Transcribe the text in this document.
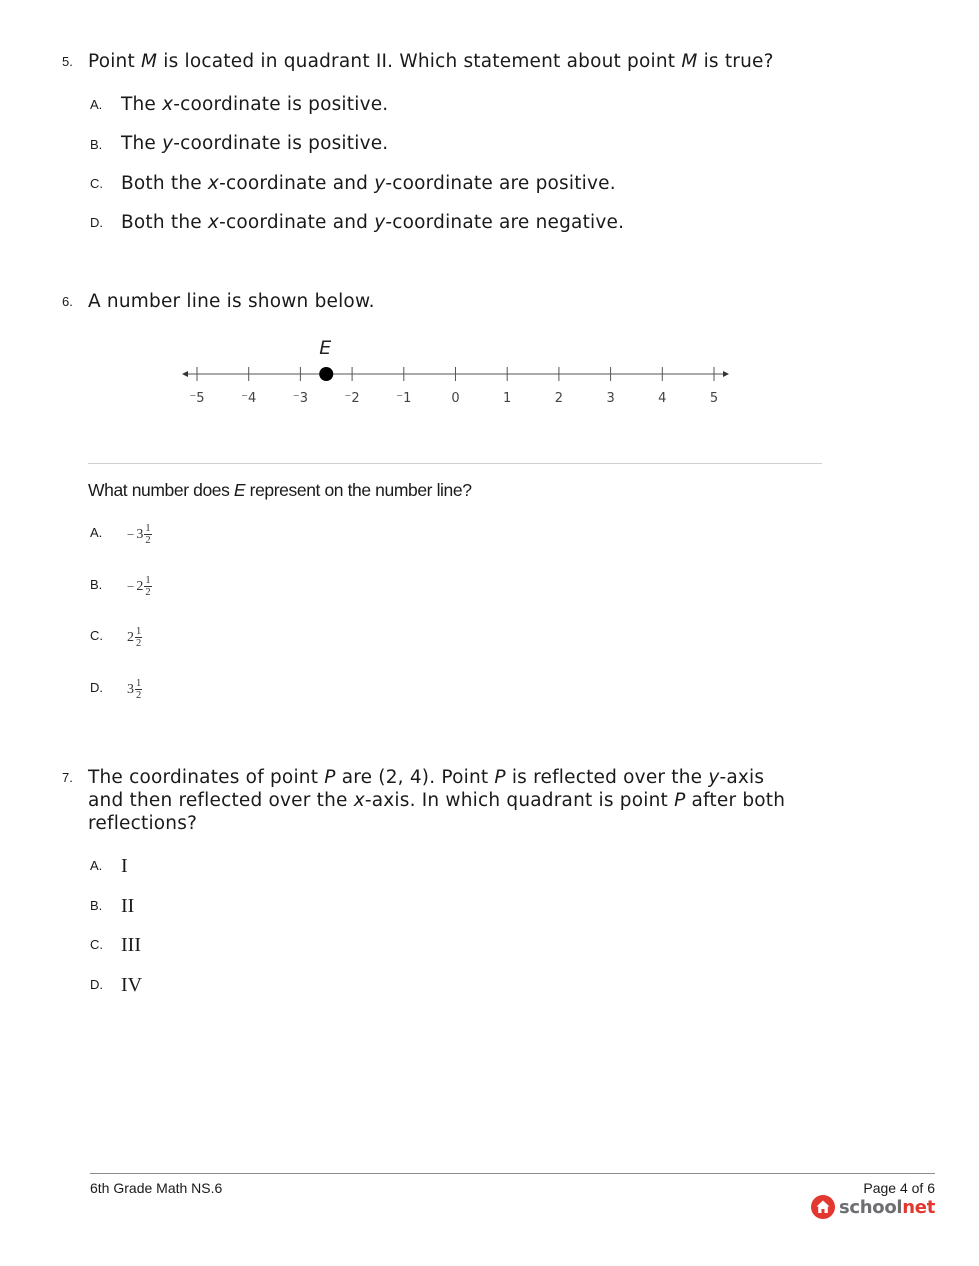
5. Point M is located in quadrant II. Which statement about point M is true?
A. The x-coordinate is positive.
B. The y-coordinate is positive.
C. Both the x-coordinate and y-coordinate are positive.
D. Both the x-coordinate and y-coordinate are negative.
6. A number line is shown below.
⁻5	⁻4	⁻3	⁻2	⁻1	0	1	2	3	4	5
E
What number does E represent on the number line?
A. − $3 \frac{1}{2}$
B. − $2 \frac{1}{2}$
C. $2 \frac{1}{2}$
D. $3 \frac{1}{2}$
7. The coordinates of point P are (2, 4). Point P is reflected over the y-axis
and then reflected over the x-axis. In which quadrant is point P after both
reflections?
A. I
B. II
C. III
D. IV
6th Grade Math NS.6	Page 4 of 6
school net
